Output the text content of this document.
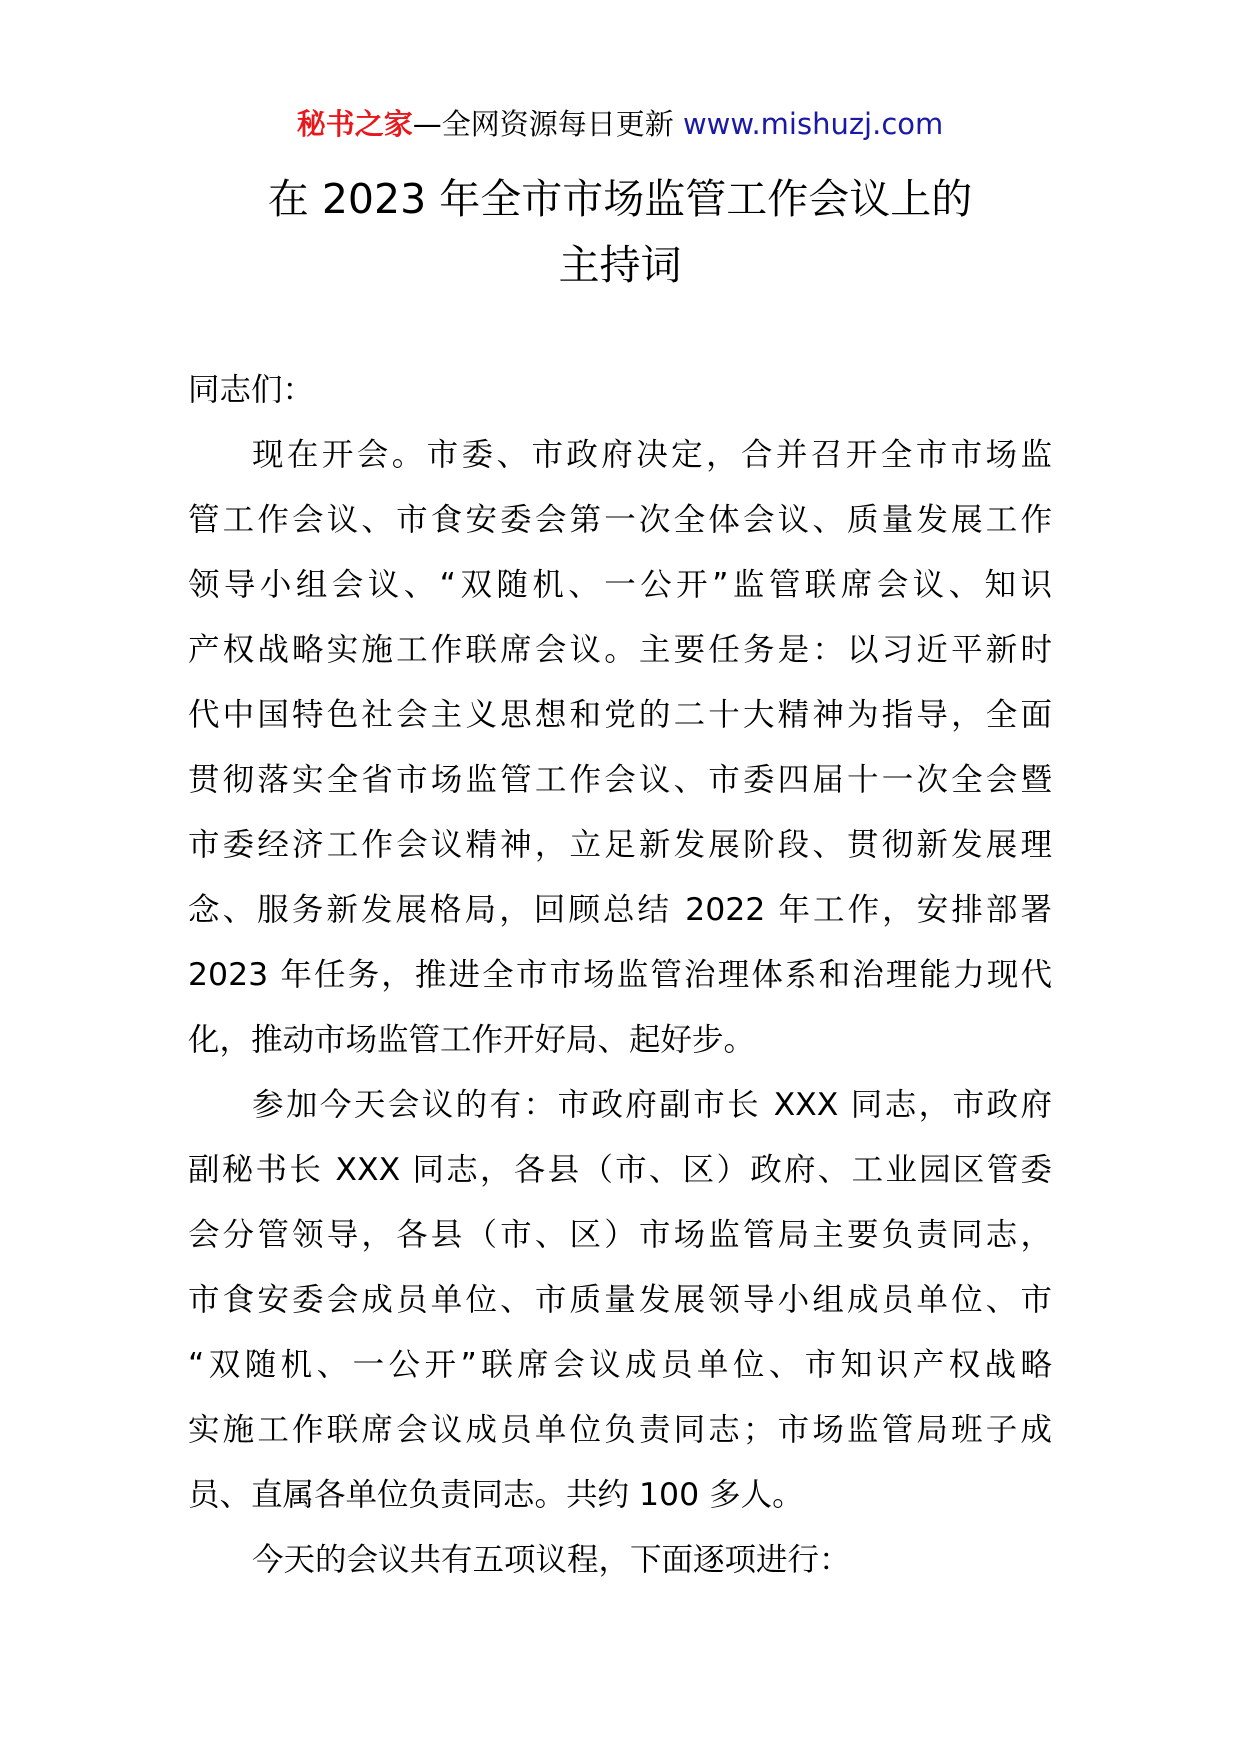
秘书之家—全网资源每日更新 www.mishuzj.com
在 2023 年全市市场监管工作会议上的
主持词

同志们：

现在开会。市委、市政府决定，合并召开全市市场监
管工作会议、市食安委会第一次全体会议、质量发展工作
领导小组会议、“双随机、一公开”监管联席会议、知识
产权战略实施工作联席会议。主要任务是：以习近平新时
代中国特色社会主义思想和党的二十大精神为指导，全面
贯彻落实全省市场监管工作会议、市委四届十一次全会暨
市委经济工作会议精神，立足新发展阶段、贯彻新发展理
念、服务新发展格局，回顾总结 2022 年工作，安排部署
2023 年任务，推进全市市场监管治理体系和治理能力现代
化，推动市场监管工作开好局、起好步。
参加今天会议的有：市政府副市长 XXX 同志，市政府
副秘书长 XXX 同志，各县（市、区）政府、工业园区管委
会分管领导，各县（市、区）市场监管局主要负责同志，
市食安委会成员单位、市质量发展领导小组成员单位、市
“双随机、一公开”联席会议成员单位、市知识产权战略
实施工作联席会议成员单位负责同志；市场监管局班子成
员、直属各单位负责同志。共约 100 多人。
今天的会议共有五项议程，下面逐项进行：
